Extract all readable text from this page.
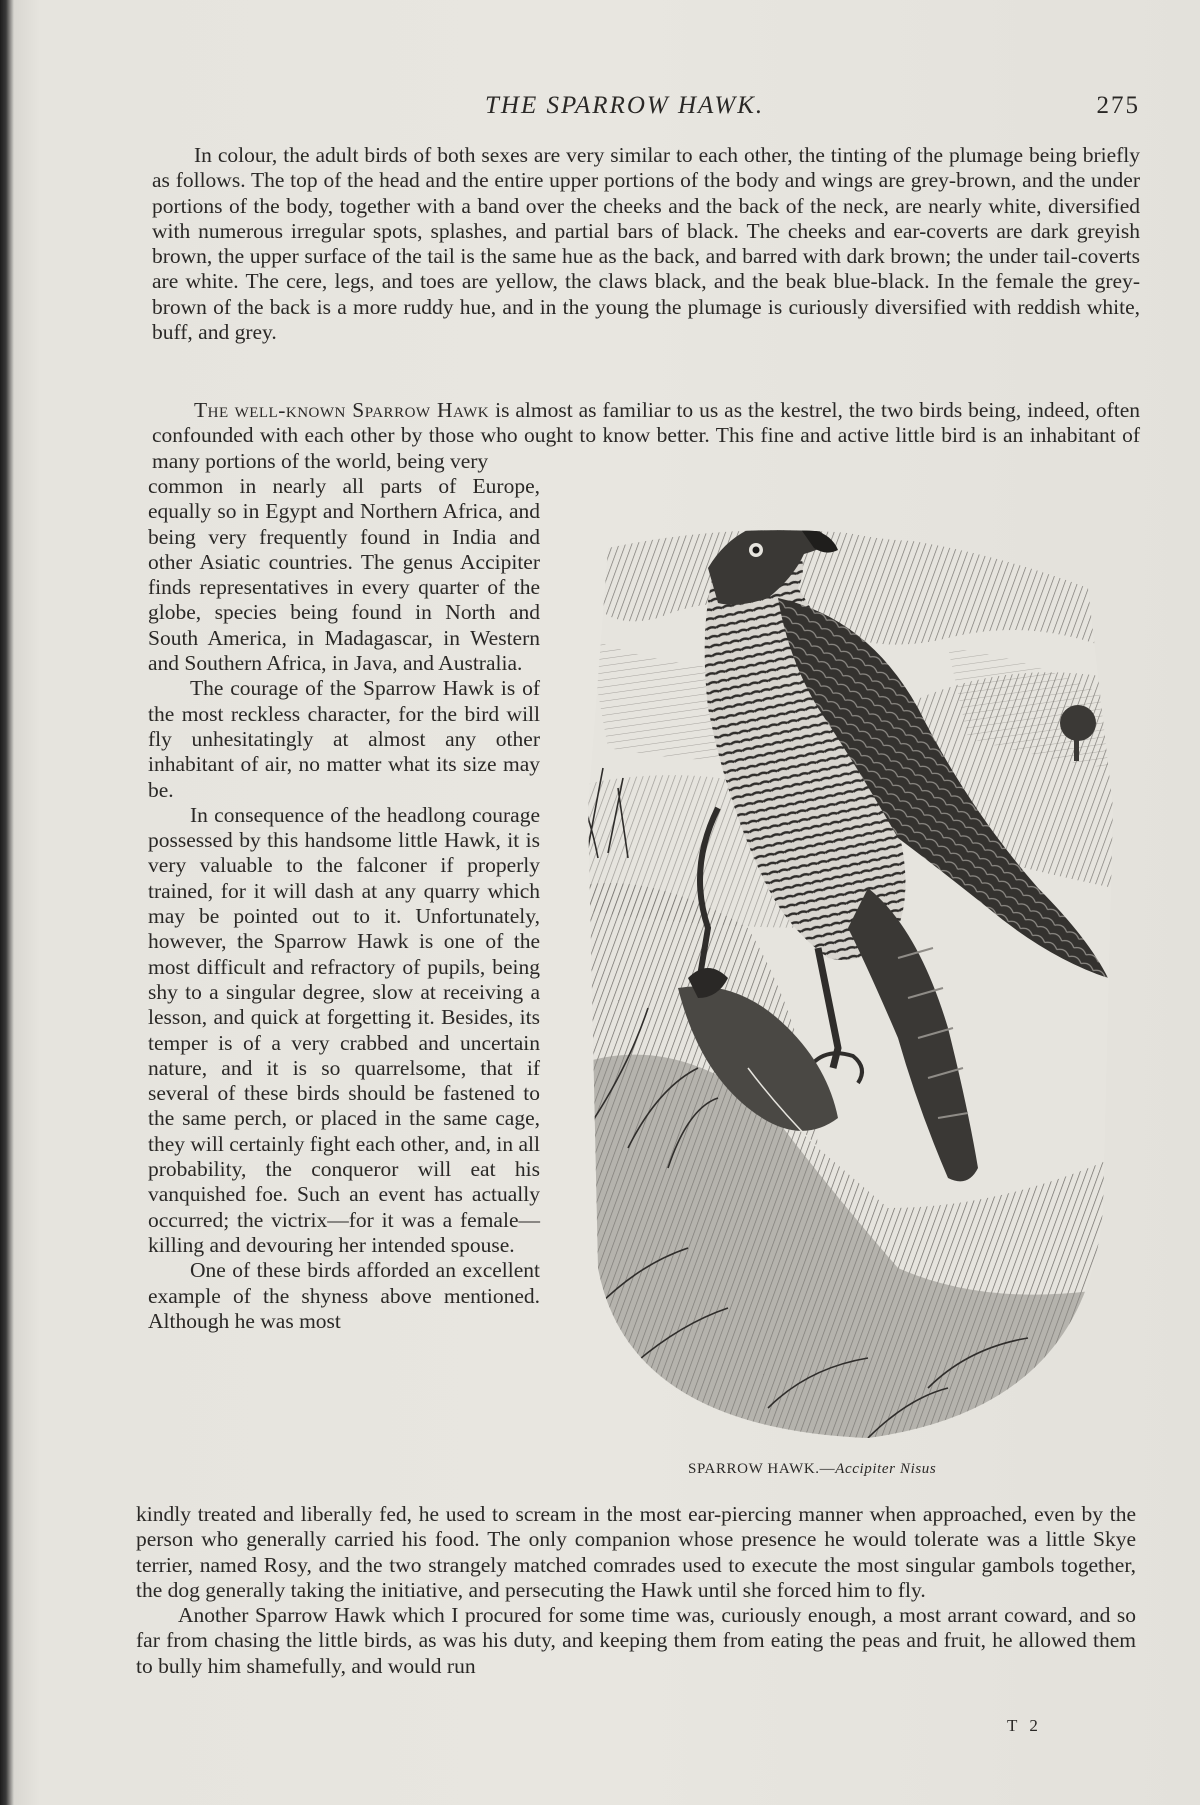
THE SPARROW HAWK.	275

In colour, the adult birds of both sexes are very similar to each other, the tinting of the plumage being briefly as follows. The top of the head and the entire upper portions of the body and wings are grey-brown, and the under portions of the body, together with a band over the cheeks and the back of the neck, are nearly white, diversified with numerous irregular spots, splashes, and partial bars of black. The cheeks and ear-coverts are dark greyish brown, the upper surface of the tail is the same hue as the back, and barred with dark brown; the under tail-coverts are white. The cere, legs, and toes are yellow, the claws black, and the beak blue-black. In the female the grey-brown of the back is a more ruddy hue, and in the young the plumage is curiously diversified with reddish white, buff, and grey.

The well-known Sparrow Hawk is almost as familiar to us as the kestrel, the two birds being, indeed, often confounded with each other by those who ought to know better. This fine and active little bird is an inhabitant of many portions of the world, being very

common in nearly all parts of Europe, equally so in Egypt and Northern Africa, and being very frequently found in India and other Asiatic countries. The genus Accipiter finds representatives in every quarter of the globe, species being found in North and South America, in Madagascar, in Western and Southern Africa, in Java, and Australia.

The courage of the Sparrow Hawk is of the most reckless character, for the bird will fly unhesitatingly at almost any other inhabitant of air, no matter what its size may be.

In consequence of the headlong courage possessed by this handsome little Hawk, it is very valuable to the falconer if properly trained, for it will dash at any quarry which may be pointed out to it. Unfortunately, however, the Sparrow Hawk is one of the most difficult and refractory of pupils, being shy to a singular degree, slow at receiving a lesson, and quick at forgetting it. Besides, its temper is of a very crabbed and uncertain nature, and it is so quarrelsome, that if several of these birds should be fastened to the same perch, or placed in the same cage, they will certainly fight each other, and, in all probability, the conqueror will eat his vanquished foe. Such an event has actually occurred; the victrix—for it was a female—killing and devouring her intended spouse.

One of these birds afforded an excellent example of the shyness above mentioned. Although he was most

SPARROW HAWK.—Accipiter Nisus

kindly treated and liberally fed, he used to scream in the most ear-piercing manner when approached, even by the person who generally carried his food. The only companion whose presence he would tolerate was a little Skye terrier, named Rosy, and the two strangely matched comrades used to execute the most singular gambols together, the dog generally taking the initiative, and persecuting the Hawk until she forced him to fly.

Another Sparrow Hawk which I procured for some time was, curiously enough, a most arrant coward, and so far from chasing the little birds, as was his duty, and keeping them from eating the peas and fruit, he allowed them to bully him shamefully, and would run

T 2
